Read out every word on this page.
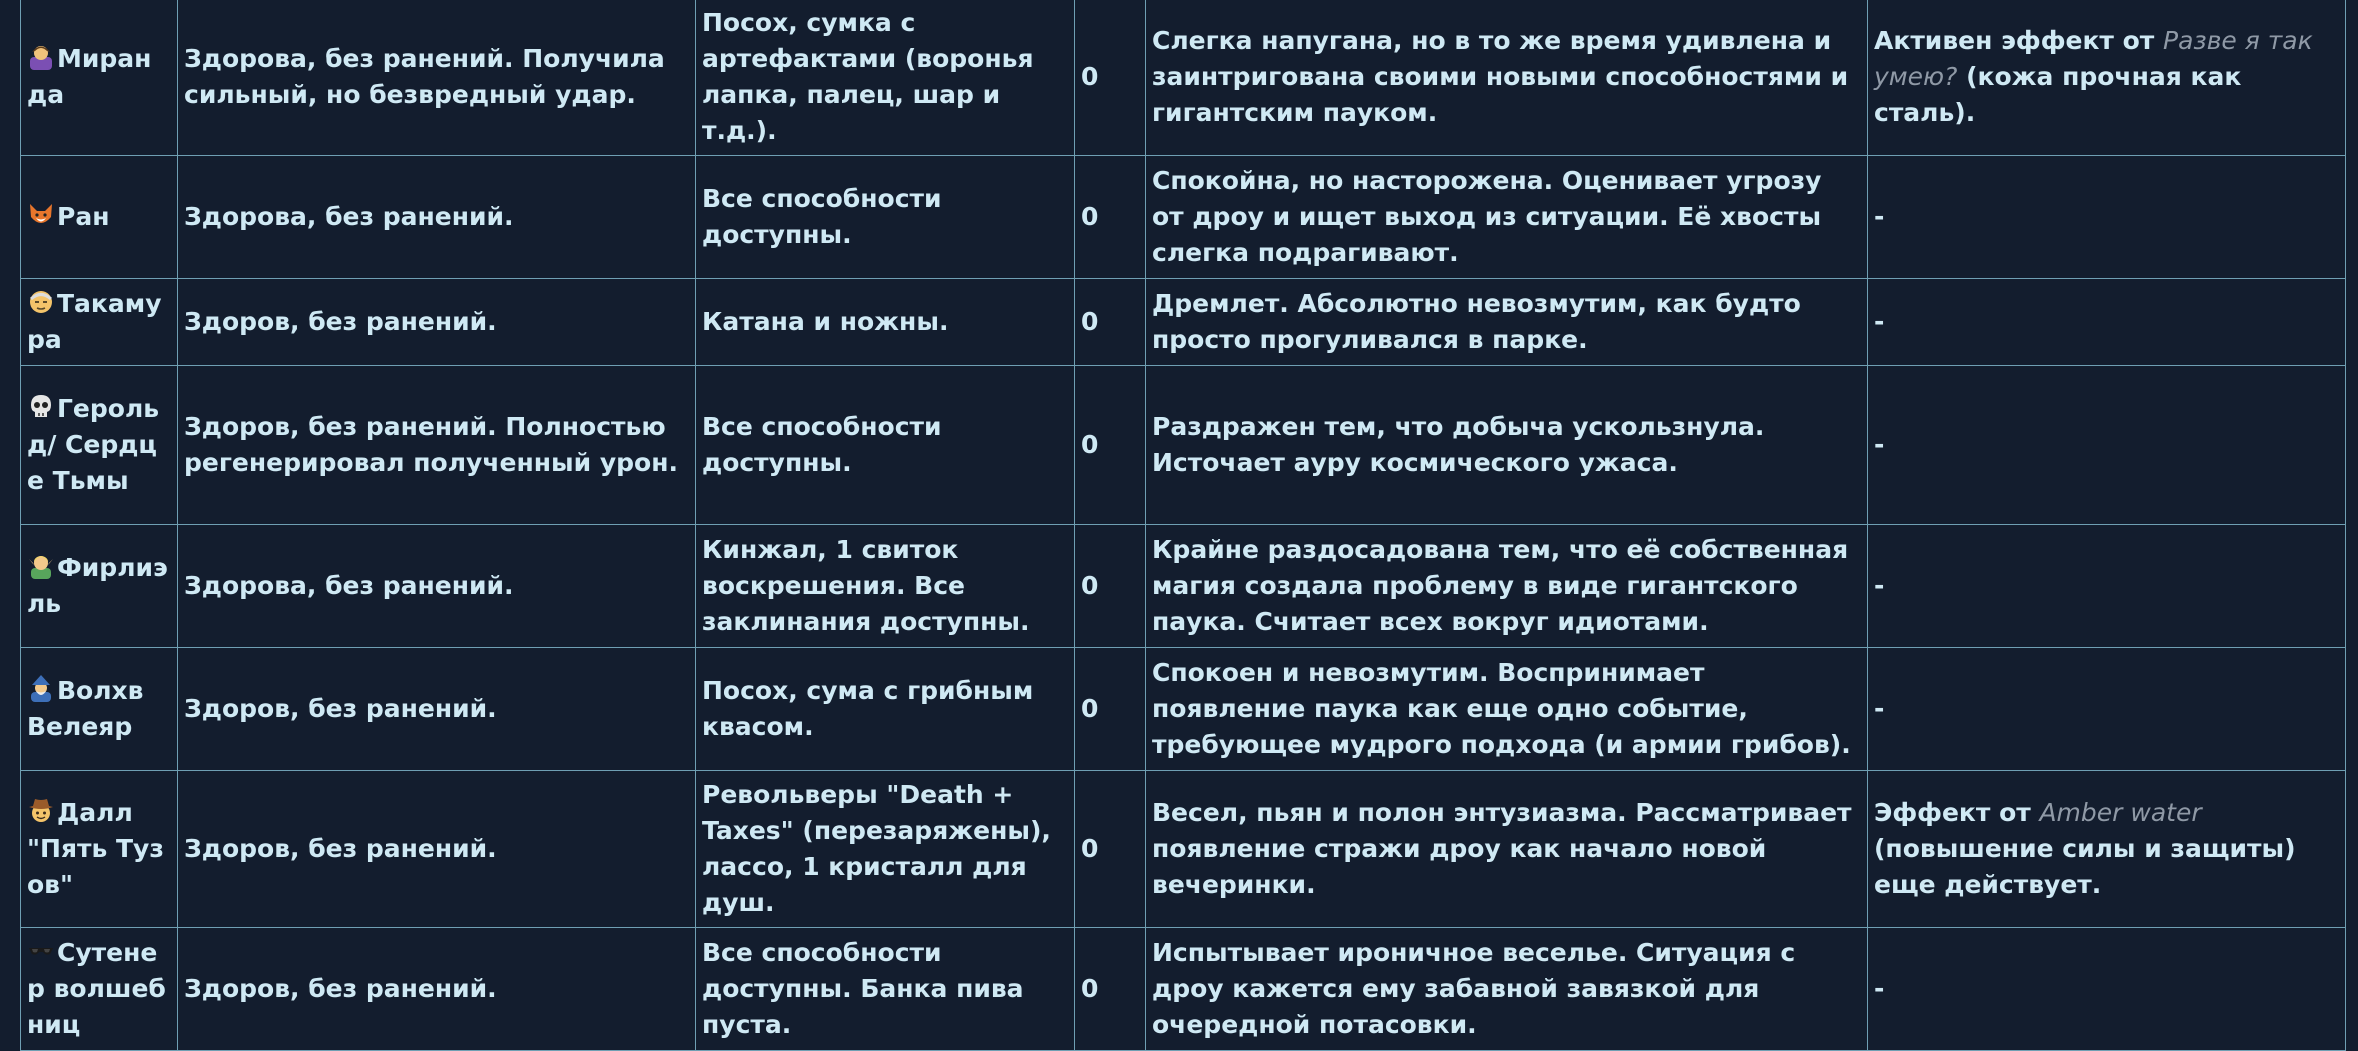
Миранда	Здорова, без ранений. Получила сильный, но безвредный удар.	Посох, сумка с артефактами (воронья лапка, палец, шар и т.д.).	0	Слегка напугана, но в то же время удивлена и заинтригована своими новыми способностями и гигантским пауком.	Активен эффект от Разве я так умею? (кожа прочная как сталь).
Ран	Здорова, без ранений.	Все способности доступны.	0	Спокойна, но насторожена. Оценивает угрозу от дроу и ищет выход из ситуации. Её хвосты слегка подрагивают.	-
Такамура	Здоров, без ранений.	Катана и ножны.	0	Дремлет. Абсолютно невозмутим, как будто просто прогуливался в парке.	-
Герольд/ Сердце Тьмы	Здоров, без ранений. Полностью регенерировал полученный урон.	Все способности доступны.	0	Раздражен тем, что добыча ускользнула. Источает ауру космического ужаса.	-
Фирлиэль	Здорова, без ранений.	Кинжал, 1 свиток воскрешения. Все заклинания доступны.	0	Крайне раздосадована тем, что её собственная магия создала проблему в виде гигантского паука. Считает всех вокруг идиотами.	-
Волхв Велеяр	Здоров, без ранений.	Посох, сума с грибным квасом.	0	Спокоен и невозмутим. Воспринимает появление паука как еще одно событие, требующее мудрого подхода (и армии грибов).	-
Далл "Пять Тузов"	Здоров, без ранений.	Револьверы "Death + Taxes" (перезаряжены), лассо, 1 кристалл для душ.	0	Весел, пьян и полон энтузиазма. Рассматривает появление стражи дроу как начало новой вечеринки.	Эффект от Amber water (повышение силы и защиты) еще действует.
Сутенер волшебниц	Здоров, без ранений.	Все способности доступны. Банка пива пуста.	0	Испытывает ироничное веселье. Ситуация с дроу кажется ему забавной завязкой для очередной потасовки.	-
